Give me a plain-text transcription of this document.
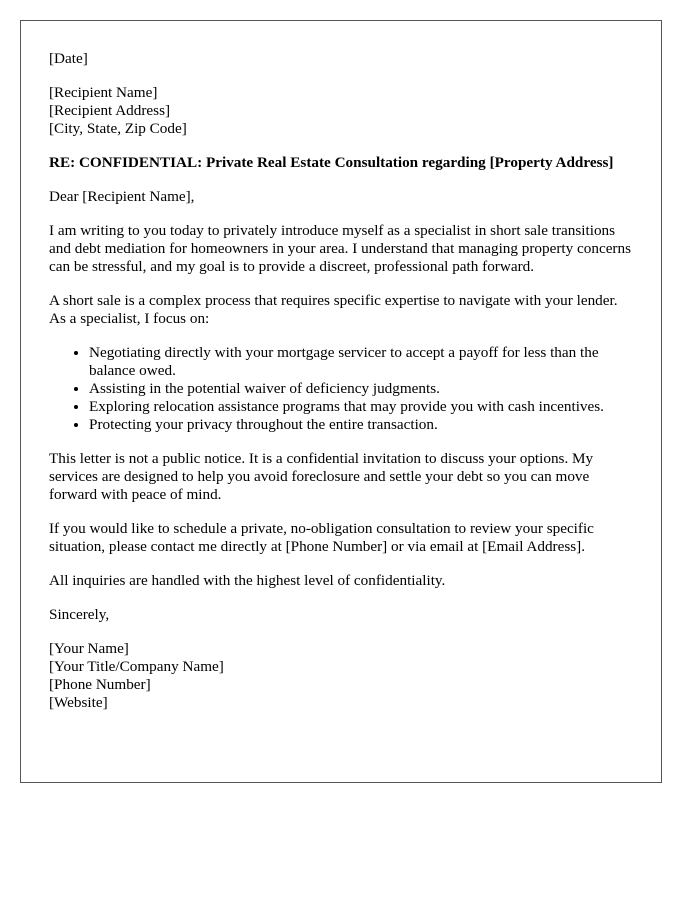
[Date]

[Recipient Name]

[Recipient Address]

[City, State, Zip Code]

RE: CONFIDENTIAL: Private Real Estate Consultation regarding [Property Address]

Dear [Recipient Name],

I am writing to you today to privately introduce myself as a specialist in short sale transitions and debt mediation for homeowners in your area. I understand that managing property concerns can be stressful, and my goal is to provide a discreet, professional path forward.

A short sale is a complex process that requires specific expertise to navigate with your lender. As a specialist, I focus on:

• Negotiating directly with your mortgage servicer to accept a payoff for less than the balance owed.
• Assisting in the potential waiver of deficiency judgments.
• Exploring relocation assistance programs that may provide you with cash incentives.
• Protecting your privacy throughout the entire transaction.

This letter is not a public notice. It is a confidential invitation to discuss your options. My services are designed to help you avoid foreclosure and settle your debt so you can move forward with peace of mind.

If you would like to schedule a private, no-obligation consultation to review your specific situation, please contact me directly at [Phone Number] or via email at [Email Address].

All inquiries are handled with the highest level of confidentiality.

Sincerely,

[Your Name]

[Your Title/Company Name]

[Phone Number]

[Website]
